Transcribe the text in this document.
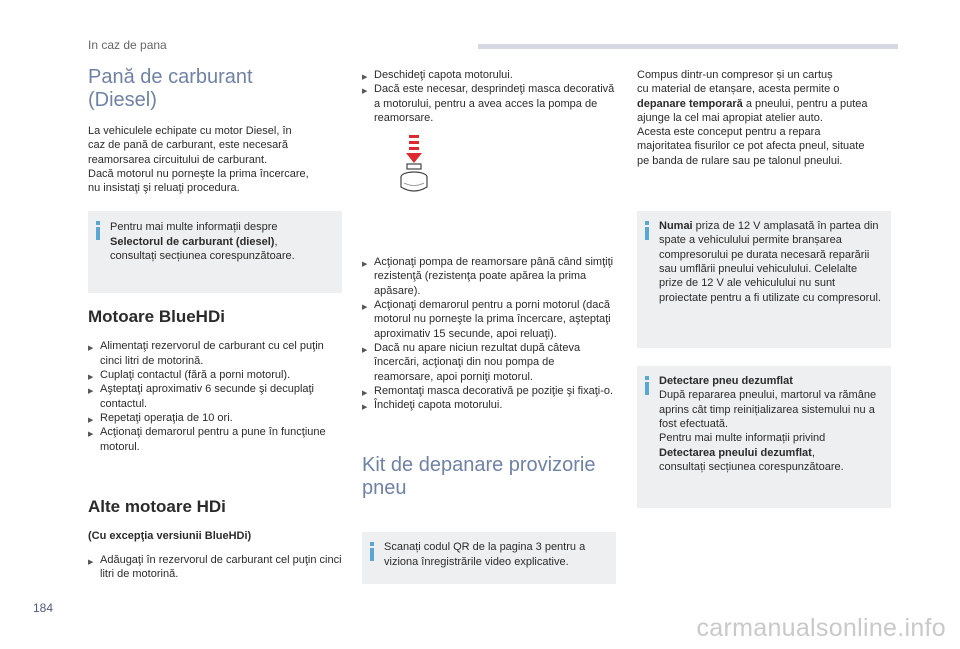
In caz de pana
Pană de carburant
(Diesel)

La vehiculele echipate cu motor Diesel, în
caz de pană de carburant, este necesară
reamorsarea circuitului de carburant.
Dacă motorul nu porneşte la prima încercare,
nu insistaţi şi reluaţi procedura.

Pentru mai multe informații despre
Selectorul de carburant (diesel),
consultați secțiunea corespunzătoare.

Motoare BlueHDi
▶ Alimentaţi rezervorul de carburant cu cel puţin cinci litri de motorină.
▶ Cuplaţi contactul (fără a porni motorul).
▶ Aşteptaţi aproximativ 6 secunde şi decuplaţi contactul.
▶ Repetaţi operaţia de 10 ori.
▶ Acţionaţi demarorul pentru a pune în funcţiune motorul.
Alte motoare HDi

(Cu excepţia versiunii BlueHDi)

▶ Adăugaţi în rezervorul de carburant cel puţin cinci litri de motorină.
▶ Deschideţi capota motorului.
▶ Dacă este necesar, desprindeţi masca decorativă a motorului, pentru a avea acces la pompa de reamorsare.
▶ Acţionaţi pompa de reamorsare până când simţiţi rezistenţă (rezistenţa poate apărea la prima apăsare).
▶ Acţionaţi demarorul pentru a porni motorul (dacă motorul nu porneşte la prima încercare, aşteptaţi aproximativ 15 secunde, apoi reluaţi).
▶ Dacă nu apare niciun rezultat după câteva încercări, acţionaţi din nou pompa de reamorsare, apoi porniţi motorul.
▶ Remontaţi masca decorativă pe poziţie şi fixaţi-o.
▶ Închideţi capota motorului.
Kit de depanare provizorie
pneu

Scanați codul QR de la pagina 3 pentru a viziona înregistrările video explicative.

Compus dintr-un compresor și un cartuș
cu material de etanșare, acesta permite o
depanare temporară a pneului, pentru a putea
ajunge la cel mai apropiat atelier auto.
Acesta este conceput pentru a repara
majoritatea fisurilor ce pot afecta pneul, situate
pe banda de rulare sau pe talonul pneului.

Numai priza de 12 V amplasată în partea din spate a vehiculului permite branșarea compresorului pe durata necesară reparării sau umflării pneului vehiculului. Celelalte prize de 12 V ale vehiculului nu sunt proiectate pentru a fi utilizate cu compresorul.

Detectare pneu dezumflat
După repararea pneului, martorul va rămâne aprins cât timp reinițializarea sistemului nu a fost efectuată.
Pentru mai multe informații privind
Detectarea pneului dezumflat,
consultați secțiunea corespunzătoare.

184
carmanualsonline.info
